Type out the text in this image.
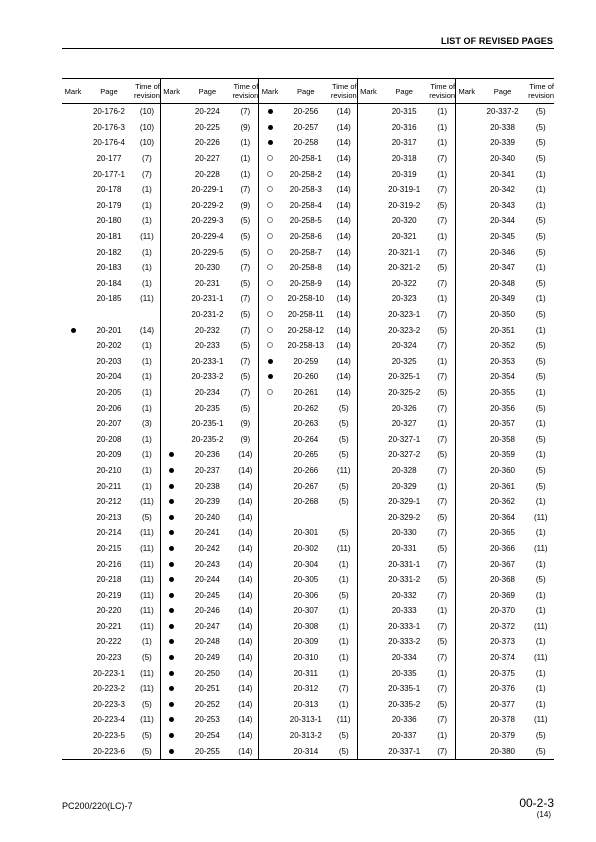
LIST OF REVISED PAGES
Mark	Page	Time of
revision	Mark	Page	Time of
revision	Mark	Page	Time of
revision	Mark	Page	Time of
revision	Mark	Page	Time of
revision
	20-176-2	(10)		20-224	(7)		20-256	(14)		20-315	(1)		20-337-2	(5)
	20-176-3	(10)		20-225	(9)		20-257	(14)		20-316	(1)		20-338	(5)
	20-176-4	(10)		20-226	(1)		20-258	(14)		20-317	(1)		20-339	(5)
	20-177	(7)		20-227	(1)		20-258-1	(14)		20-318	(7)		20-340	(5)
	20-177-1	(7)		20-228	(1)		20-258-2	(14)		20-319	(1)		20-341	(1)
	20-178	(1)		20-229-1	(7)		20-258-3	(14)		20-319-1	(7)		20-342	(1)
	20-179	(1)		20-229-2	(9)		20-258-4	(14)		20-319-2	(5)		20-343	(1)
	20-180	(1)		20-229-3	(5)		20-258-5	(14)		20-320	(7)		20-344	(5)
	20-181	(11)		20-229-4	(5)		20-258-6	(14)		20-321	(1)		20-345	(5)
	20-182	(1)		20-229-5	(5)		20-258-7	(14)		20-321-1	(7)		20-346	(5)
	20-183	(1)		20-230	(7)		20-258-8	(14)		20-321-2	(5)		20-347	(1)
	20-184	(1)		20-231	(5)		20-258-9	(14)		20-322	(7)		20-348	(5)
	20-185	(11)		20-231-1	(7)		20-258-10	(14)		20-323	(1)		20-349	(1)
				20-231-2	(5)		20-258-11	(14)		20-323-1	(7)		20-350	(5)
	20-201	(14)		20-232	(7)		20-258-12	(14)		20-323-2	(5)		20-351	(1)
	20-202	(1)		20-233	(5)		20-258-13	(14)		20-324	(7)		20-352	(5)
	20-203	(1)		20-233-1	(7)		20-259	(14)		20-325	(1)		20-353	(5)
	20-204	(1)		20-233-2	(5)		20-260	(14)		20-325-1	(7)		20-354	(5)
	20-205	(1)		20-234	(7)		20-261	(14)		20-325-2	(5)		20-355	(1)
	20-206	(1)		20-235	(5)		20-262	(5)		20-326	(7)		20-356	(5)
	20-207	(3)		20-235-1	(9)		20-263	(5)		20-327	(1)		20-357	(1)
	20-208	(1)		20-235-2	(9)		20-264	(5)		20-327-1	(7)		20-358	(5)
	20-209	(1)		20-236	(14)		20-265	(5)		20-327-2	(5)		20-359	(1)
	20-210	(1)		20-237	(14)		20-266	(11)		20-328	(7)		20-360	(5)
	20-211	(1)		20-238	(14)		20-267	(5)		20-329	(1)		20-361	(5)
	20-212	(11)		20-239	(14)		20-268	(5)		20-329-1	(7)		20-362	(1)
	20-213	(5)		20-240	(14)					20-329-2	(5)		20-364	(11)
	20-214	(11)		20-241	(14)		20-301	(5)		20-330	(7)		20-365	(1)
	20-215	(11)		20-242	(14)		20-302	(11)		20-331	(5)		20-366	(11)
	20-216	(11)		20-243	(14)		20-304	(1)		20-331-1	(7)		20-367	(1)
	20-218	(11)		20-244	(14)		20-305	(1)		20-331-2	(5)		20-368	(5)
	20-219	(11)		20-245	(14)		20-306	(5)		20-332	(7)		20-369	(1)
	20-220	(11)		20-246	(14)		20-307	(1)		20-333	(1)		20-370	(1)
	20-221	(11)		20-247	(14)		20-308	(1)		20-333-1	(7)		20-372	(11)
	20-222	(1)		20-248	(14)		20-309	(1)		20-333-2	(5)		20-373	(1)
	20-223	(5)		20-249	(14)		20-310	(1)		20-334	(7)		20-374	(11)
	20-223-1	(11)		20-250	(14)		20-311	(1)		20-335	(1)		20-375	(1)
	20-223-2	(11)		20-251	(14)		20-312	(7)		20-335-1	(7)		20-376	(1)
	20-223-3	(5)		20-252	(14)		20-313	(1)		20-335-2	(5)		20-377	(1)
	20-223-4	(11)		20-253	(14)		20-313-1	(11)		20-336	(7)		20-378	(11)
	20-223-5	(5)		20-254	(14)		20-313-2	(5)		20-337	(1)		20-379	(5)
	20-223-6	(5)		20-255	(14)		20-314	(5)		20-337-1	(7)		20-380	(5)
PC200/220(LC)-7	00-2-3
(14)
